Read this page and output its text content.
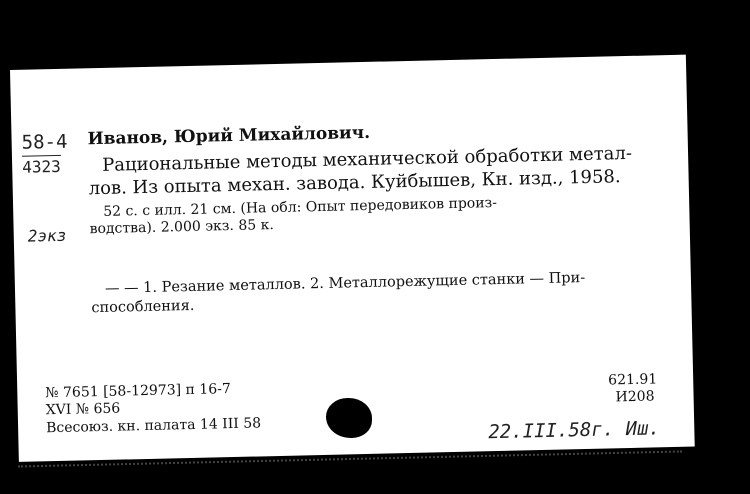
58-4
4323
2экз
Иванов, Юрий Михайлович.
Рациональные методы механической обработки метал-
лов. Из опыта механ. завода. Куйбышев, Кн. изд., 1958.
52 с. с илл. 21 см. (На обл: Опыт передовиков произ-
водства). 2.000 экз. 85 к.
— — 1. Резание металлов. 2. Металлорежущие станки — При-
способления.
№ 7651 [58-12973] п 16-7
XVI № 656
Всесоюз. кн. палата 14 III 58
621.91
И208
22.III.58г. Иш.
